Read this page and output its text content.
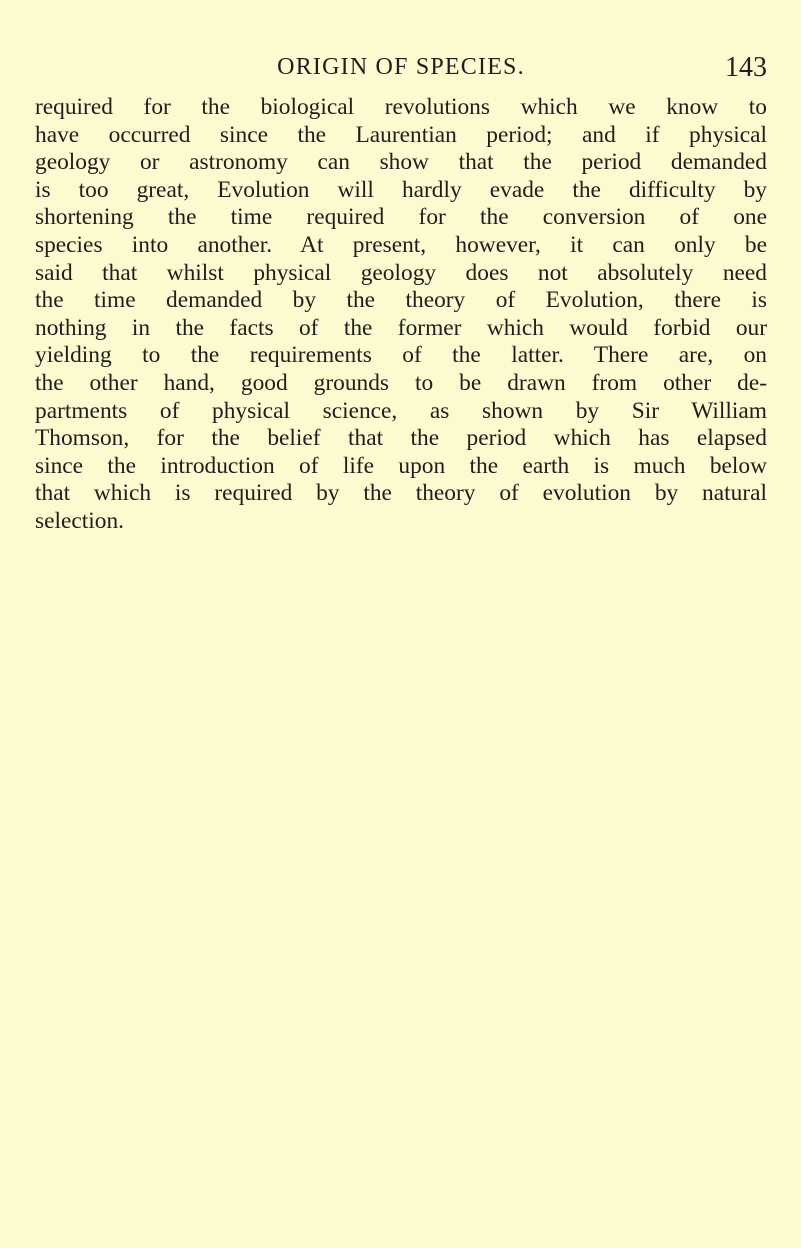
ORIGIN OF SPECIES.	143
required for the biological revolutions which we know to
have occurred since the Laurentian period; and if physical
geology or astronomy can show that the period demanded
is too great, Evolution will hardly evade the difficulty by
shortening the time required for the conversion of one
species into another. At present, however, it can only be
said that whilst physical geology does not absolutely need
the time demanded by the theory of Evolution, there is
nothing in the facts of the former which would forbid our
yielding to the requirements of the latter. There are, on
the other hand, good grounds to be drawn from other de-
partments of physical science, as shown by Sir William
Thomson, for the belief that the period which has elapsed
since the introduction of life upon the earth is much below
that which is required by the theory of evolution by natural
selection.
